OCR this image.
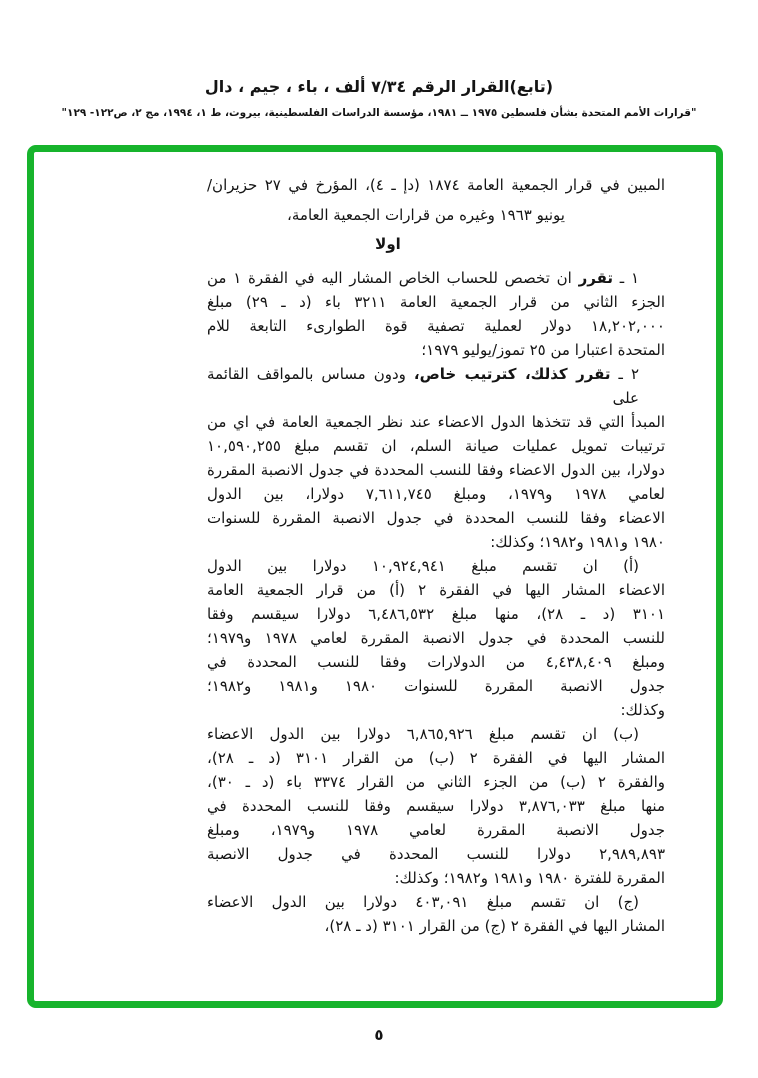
(تابع)القرار الرقم ٧/٣٤ ألف ، باء ، جيم ، دال
"قرارات الأمم المتحدة بشأن فلسطين ١٩٧٥ ــ ١٩٨١، مؤسسة الدراسات الفلسطينية، بيروت، ط ١، ١٩٩٤، مج ٢، ص١٢٢- ١٢٩"
المبين في قرار الجمعية العامة ١٨٧٤ (دإ ـ ٤)، المؤرخ في ٢٧ حزيران/
يونيو ١٩٦٣ وغيره من قرارات الجمعية العامة،
اولا
١ ـ تقرر ان تخصص للحساب الخاص المشار اليه في الفقرة ١ من
الجزء الثاني من قرار الجمعية العامة ٣٢١١ باء (د ـ ٢٩) مبلغ
١٨,٢٠٢,٠٠٠ دولار لعملية تصفية قوة الطوارىء التابعة للام
المتحدة اعتبارا من ٢٥ تموز/يوليو ١٩٧٩؛
٢ ـ تقرر كذلك، كترتيب خاص، ودون مساس بالمواقف القائمة على
المبدأ التي قد تتخذها الدول الاعضاء عند نظر الجمعية العامة في اي من
ترتيبات تمويل عمليات صيانة السلم، ان تقسم مبلغ ١٠,٥٩٠,٢٥٥
دولارا، بين الدول الاعضاء وفقا للنسب المحددة في جدول الانصبة المقررة
لعامي ١٩٧٨ و١٩٧٩، ومبلغ ٧,٦١١,٧٤٥ دولارا، بين الدول
الاعضاء وفقا للنسب المحددة في جدول الانصبة المقررة للسنوات
١٩٨٠ و١٩٨١ و١٩٨٢؛ وكذلك:
(أ) ان تقسم مبلغ ١٠,٩٢٤,٩٤١ دولارا بين الدول
الاعضاء المشار اليها في الفقرة ٢ (أ) من قرار الجمعية العامة
٣١٠١ (د ـ ٢٨)، منها مبلغ ٦,٤٨٦,٥٣٢ دولارا سيقسم وفقا
للنسب المحددة في جدول الانصبة المقررة لعامي ١٩٧٨ و١٩٧٩؛
ومبلغ ٤,٤٣٨,٤٠٩ من الدولارات وفقا للنسب المحددة في
جدول الانصبة المقررة للسنوات ١٩٨٠ و١٩٨١ و١٩٨٢؛
وكذلك:
(ب) ان تقسم مبلغ ٦,٨٦٥,٩٢٦ دولارا بين الدول الاعضاء
المشار اليها في الفقرة ٢ (ب) من القرار ٣١٠١ (د ـ ٢٨)،
والفقرة ٢ (ب) من الجزء الثاني من القرار ٣٣٧٤ باء (د ـ ٣٠)،
منها مبلغ ٣,٨٧٦,٠٣٣ دولارا سيقسم وفقا للنسب المحددة في
جدول الانصبة المقررة لعامي ١٩٧٨ و١٩٧٩، ومبلغ
٢,٩٨٩,٨٩٣ دولارا للنسب المحددة في جدول الانصبة
المقررة للفترة ١٩٨٠ و١٩٨١ و١٩٨٢؛ وكذلك:
(ج) ان تقسم مبلغ ٤٠٣,٠٩١ دولارا بين الدول الاعضاء
المشار اليها في الفقرة ٢ (ج) من القرار ٣١٠١ (د ـ ٢٨)،
٥
